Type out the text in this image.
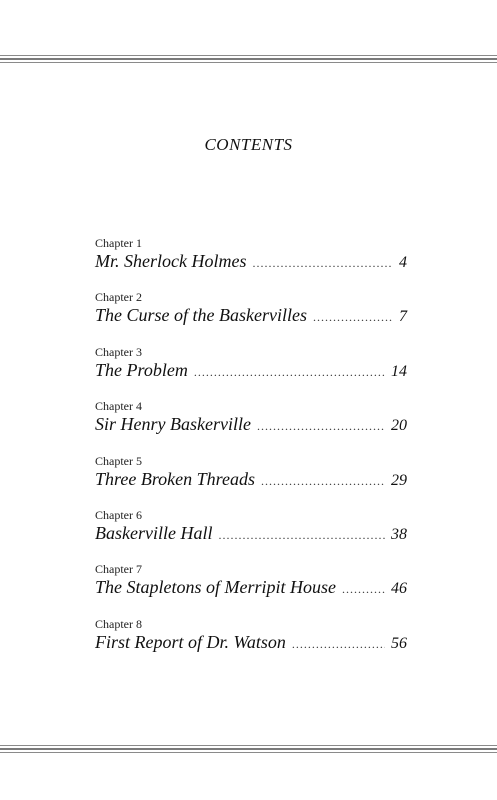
CONTENTS
Chapter 1
Mr. Sherlock Holmes .....	4
Chapter 2
The Curse of the Baskervilles .....	7
Chapter 3
The Problem .....	14
Chapter 4
Sir Henry Baskerville .....	20
Chapter 5
Three Broken Threads .....	29
Chapter 6
Baskerville Hall .....	38
Chapter 7
The Stapletons of Merripit House .....	46
Chapter 8
First Report of Dr. Watson .....	56
